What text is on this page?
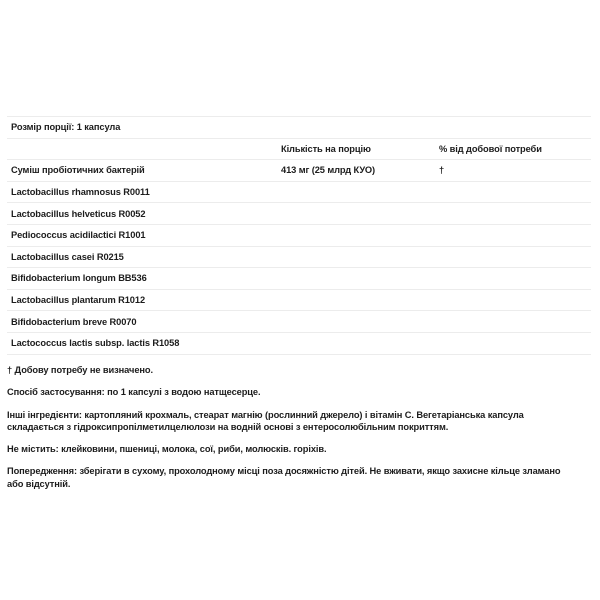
Розмір порції: 1 капсула		
	Кількість на порцію	% від добової потреби
Суміш пробіотичних бактерій	413 мг (25 млрд КУО)	†
Lactobacillus rhamnosus R0011		
Lactobacillus helveticus R0052		
Pediococcus acidilactici R1001		
Lactobacillus casei R0215		
Bifidobacterium longum BB536		
Lactobacillus plantarum R1012		
Bifidobacterium breve R0070		
Lactococcus lactis subsp. lactis R1058		

† Добову потребу не визначено.

Спосіб застосування: по 1 капсулі з водою натщесерце.

Інші інгредієнти: картопляний крохмаль, стеарат магнію (рослинний джерело) і вітамін С. Вегетаріанська капсула складається з гідроксипропілметилцелюлози на водній основі з ентеросолюбільним покриттям.

Не містить: клейковини, пшениці, молока, сої, риби, молюсків. горіхів.

Попередження: зберігати в сухому, прохолодному місці поза досяжністю дітей. Не вживати, якщо захисне кільце зламано або відсутній.
